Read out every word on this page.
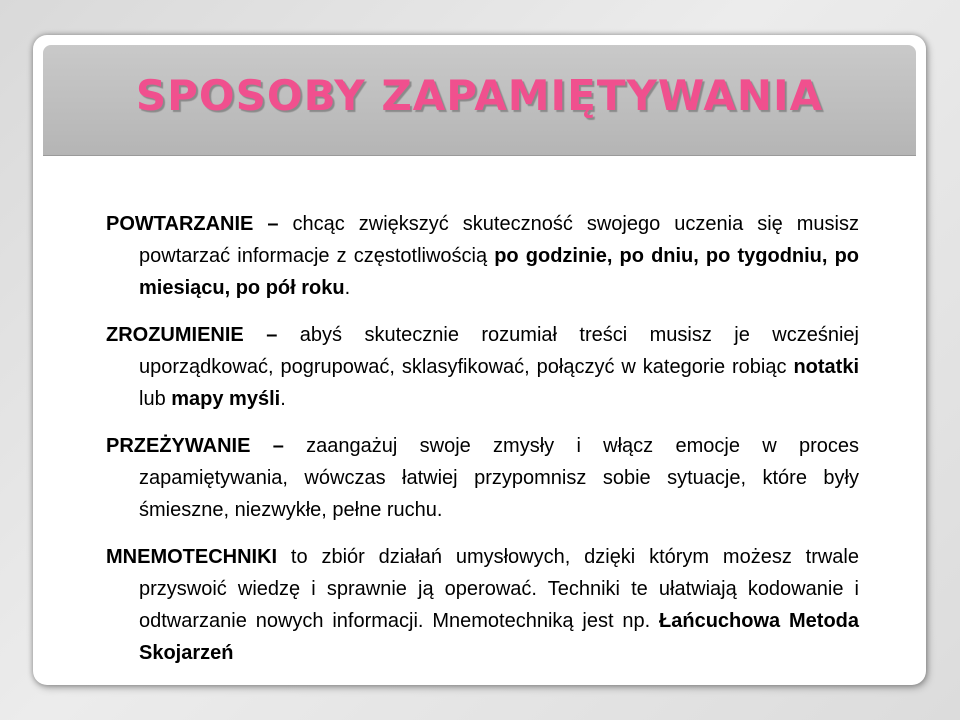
SPOSOBY ZAPAMIĘTYWANIA

POWTARZANIE – chcąc zwiększyć skuteczność swojego uczenia się musisz powtarzać informacje z częstotliwością po godzinie, po dniu, po tygodniu, po miesiącu, po pół roku.

ZROZUMIENIE – abyś skutecznie rozumiał treści musisz je wcześniej uporządkować, pogrupować, sklasyfikować, połączyć w kategorie robiąc notatki lub mapy myśli.

PRZEŻYWANIE – zaangażuj swoje zmysły i włącz emocje w proces zapamiętywania, wówczas łatwiej przypomnisz sobie sytuacje, które były śmieszne, niezwykłe, pełne ruchu.

MNEMOTECHNIKI to zbiór działań umysłowych, dzięki którym możesz trwale przyswoić wiedzę i sprawnie ją operować. Techniki te ułatwiają kodowanie i odtwarzanie nowych informacji. Mnemotechniką jest np. Łańcuchowa Metoda Skojarzeń
